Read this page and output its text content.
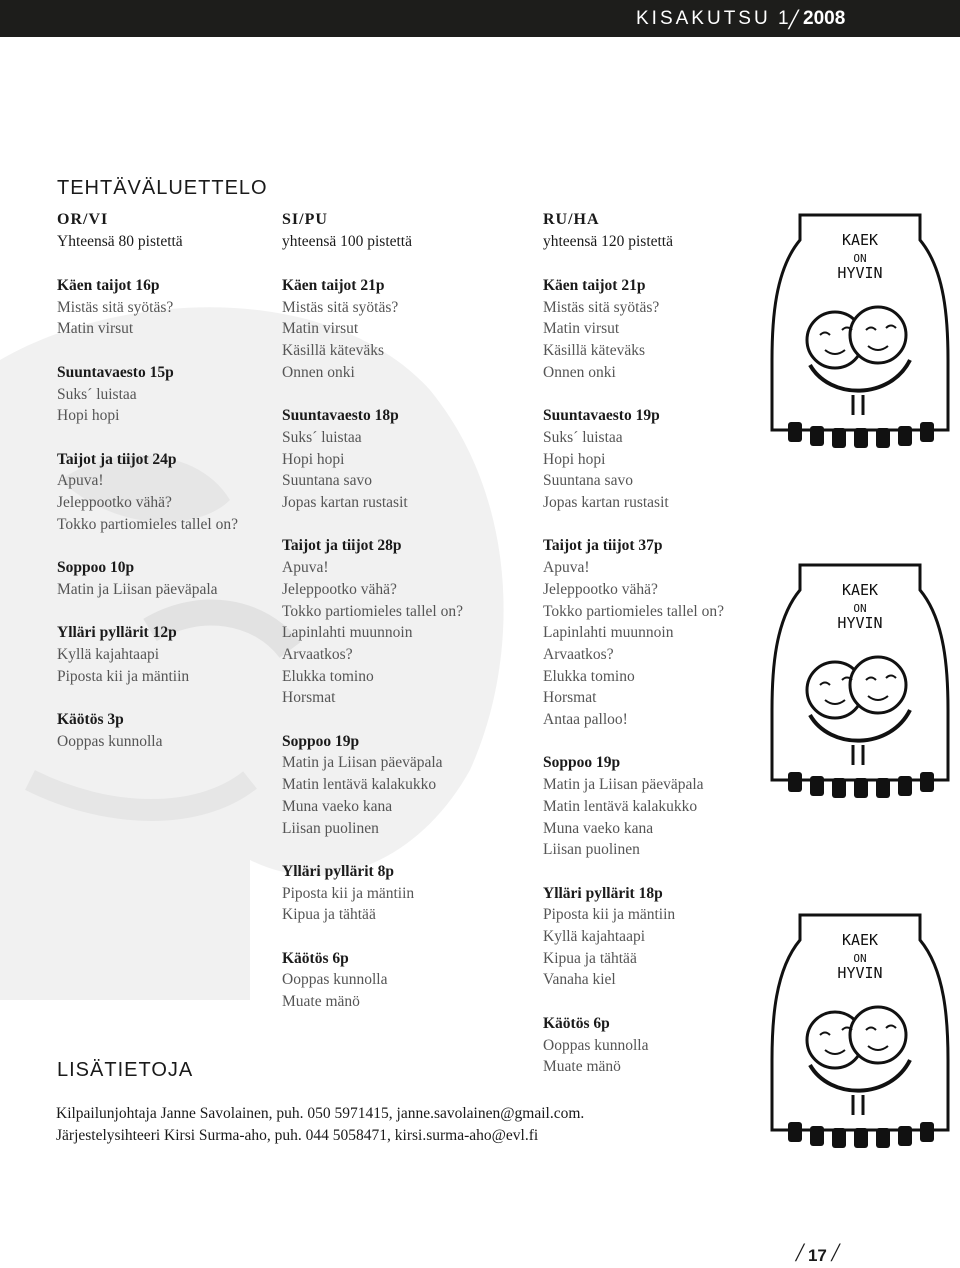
KISAKUTSU 1 / 2008
TEHTÄVÄLUETTELO
OR/VI
Yhteensä 80 pistettä
Käen taijot 16p
Mistäs sitä syötäs?
Matin virsut
Suuntavaesto 15p
Suks´ luistaa
Hopi hopi
Taijot ja tiijot 24p
Apuva!
Jeleppootko vähä?
Tokko partiomieles tallel on?
Soppoo 10p
Matin ja Liisan päeväpala
Ylläri pyllärit 12p
Kyllä kajahtaapi
Piposta kii ja mäntiin
Käötös 3p
Ooppas kunnolla
SI/PU
yhteensä 100 pistettä
Käen taijot 21p
Mistäs sitä syötäs?
Matin virsut
Käsillä käteväks
Onnen onki
Suuntavaesto 18p
Suks´ luistaa
Hopi hopi
Suuntana savo
Jopas kartan rustasit
Taijot ja tiijot 28p
Apuva!
Jeleppootko vähä?
Tokko partiomieles tallel on?
Lapinlahti muunnoin
Arvaatkos?
Elukka tomino
Horsmat
Soppoo 19p
Matin ja Liisan päeväpala
Matin lentävä kalakukko
Muna vaeko kana
Liisan puolinen
Ylläri pyllärit 8p
Piposta kii ja mäntiin
Kipua ja tähtää
Käötös 6p
Ooppas kunnolla
Muate mänö
RU/HA
yhteensä 120 pistettä
Käen taijot 21p
Mistäs sitä syötäs?
Matin virsut
Käsillä käteväks
Onnen onki
Suuntavaesto 19p
Suks´ luistaa
Hopi hopi
Suuntana savo
Jopas kartan rustasit
Taijot ja tiijot 37p
Apuva!
Jeleppootko vähä?
Tokko partiomieles tallel on?
Lapinlahti muunnoin
Arvaatkos?
Elukka tomino
Horsmat
Antaa palloo!
Soppoo 19p
Matin ja Liisan päeväpala
Matin lentävä kalakukko
Muna vaeko kana
Liisan puolinen
Ylläri pyllärit 18p
Piposta kii ja mäntiin
Kyllä kajahtaapi
Kipua ja tähtää
Vanaha kiel
Käötös 6p
Ooppas kunnolla
Muate mänö
KAEK
ON
HYVIN
KAEK
ON
HYVIN
KAEK
ON
HYVIN
LISÄTIETOJA
Kilpailunjohtaja Janne Savolainen, puh. 050 5971415, janne.savolainen@gmail.com.
Järjestelysihteeri Kirsi Surma-aho, puh. 044 5058471, kirsi.surma-aho@evl.fi
/ 17 /
